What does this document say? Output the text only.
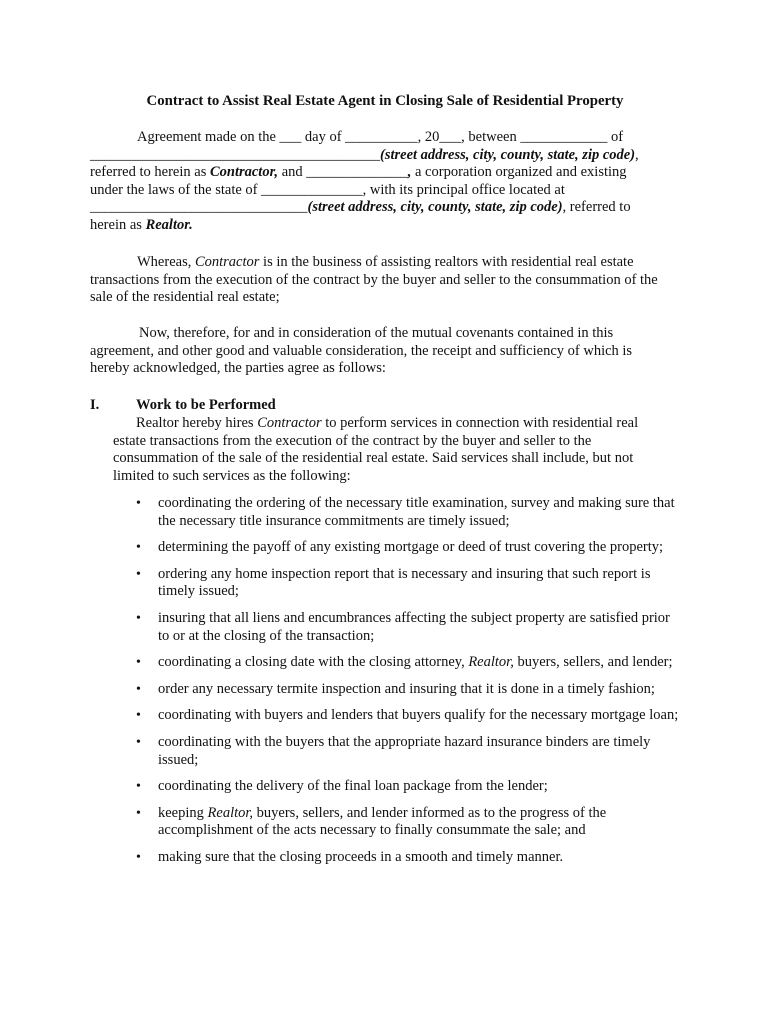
Contract to Assist Real Estate Agent in Closing Sale of Residential Property

Agreement made on the ___ day of __________, 20___, between ____________ of
________________________________________(street address, city, county, state, zip code),
referred to herein as Contractor, and ______________, a corporation organized and existing
under the laws of the state of ______________, with its principal office located at
______________________________(street address, city, county, state, zip code), referred to
herein as Realtor.

Whereas, Contractor is in the business of assisting realtors with residential real estate transactions from the execution of the contract by the buyer and seller to the consummation of the sale of the residential real estate;

Now, therefore, for and in consideration of the mutual covenants contained in this agreement, and other good and valuable consideration, the receipt and sufficiency of which is hereby acknowledged, the parties agree as follows:

I.	Work to be Performed

Realtor hereby hires Contractor to perform services in connection with residential real estate transactions from the execution of the contract by the buyer and seller to the consummation of the sale of the residential real estate. Said services shall include, but not limited to such services as the following:

• coordinating the ordering of the necessary title examination, survey and making sure that the necessary title insurance commitments are timely issued;
• determining the payoff of any existing mortgage or deed of trust covering the property;
• ordering any home inspection report that is necessary and insuring that such report is timely issued;
• insuring that all liens and encumbrances affecting the subject property are satisfied prior to or at the closing of the transaction;
• coordinating a closing date with the closing attorney, Realtor, buyers, sellers, and lender;
• order any necessary termite inspection and insuring that it is done in a timely fashion;
• coordinating with buyers and lenders that buyers qualify for the necessary mortgage loan;
• coordinating with the buyers that the appropriate hazard insurance binders are timely issued;
• coordinating the delivery of the final loan package from the lender;
• keeping Realtor, buyers, sellers, and lender informed as to the progress of the accomplishment of the acts necessary to finally consummate the sale; and
• making sure that the closing proceeds in a smooth and timely manner.
